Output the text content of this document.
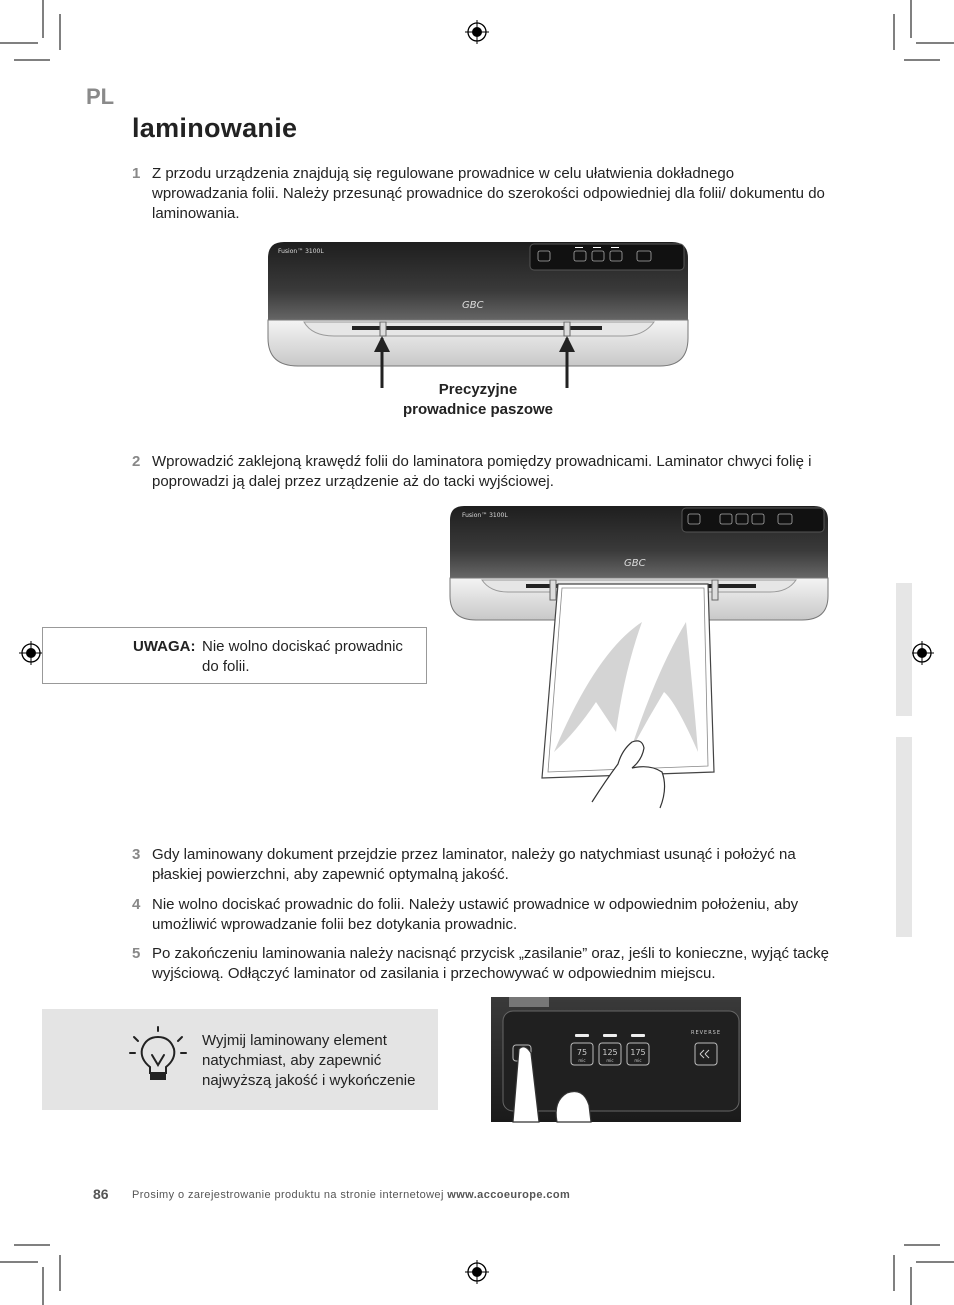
PL
laminowanie
1 Z przodu urządzenia znajdują się regulowane prowadnice w celu ułatwienia dokładnego wprowadzania folii. Należy przesunąć prowadnice do szerokości odpowiedniej dla folii/ dokumentu do laminowania.
Fusion™ 3100L
GBC
Precyzyjne
prowadnice paszowe
2 Wprowadzić zaklejoną krawędź folii do laminatora pomiędzy prowadnicami. Laminator chwyci folię i poprowadzi ją dalej przez urządzenie aż do tacki wyjściowej.
Fusion™ 3100L
GBC
UWAGA: Nie wolno dociskać prowadnic
do folii.
3 Gdy laminowany dokument przejdzie przez laminator, należy go natychmiast usunąć i położyć na płaskiej powierzchni, aby zapewnić optymalną jakość.
4 Nie wolno dociskać prowadnic do folii. Należy ustawić prowadnice w odpowiednim położeniu, aby umożliwić wprowadzanie folii bez dotykania prowadnic.
5 Po zakończeniu laminowania należy nacisnąć przycisk „zasilanie” oraz, jeśli to konieczne, wyjąć tackę wyjściową. Odłączyć laminator od zasilania i przechowywać w odpowiednim miejscu.
Wyjmij laminowany element natychmiast, aby zapewnić najwyższą jakość i wykończenie
75 125 175
mic	mic	mic
REVERSE
86 Prosimy o zarejestrowanie produktu na stronie internetowej www.accoeurope.com
